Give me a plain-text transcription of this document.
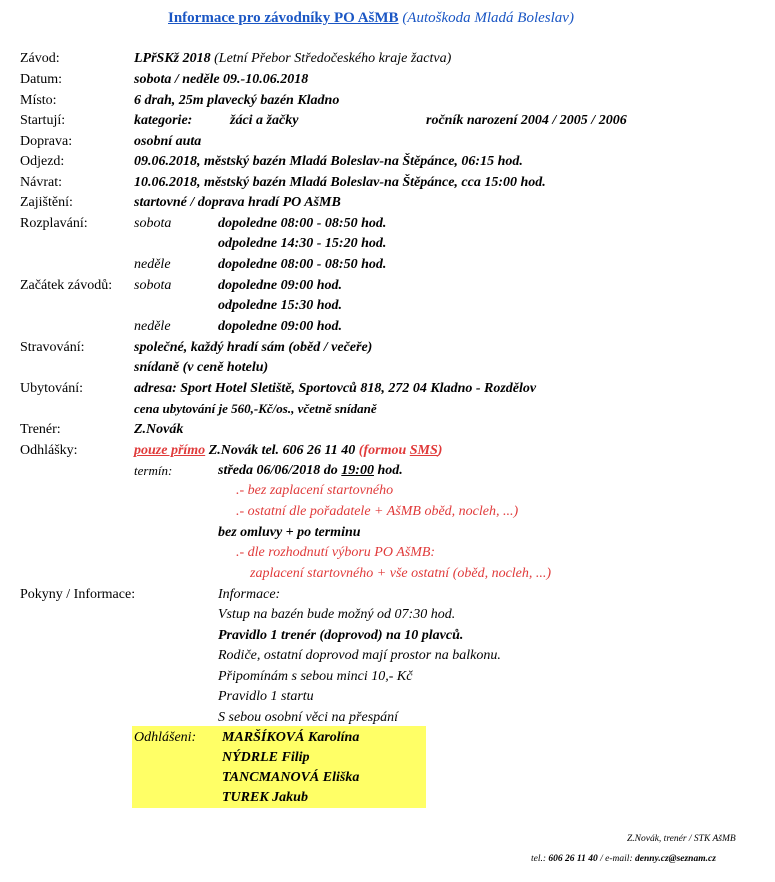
Informace pro závodníky PO AšMB (Autoškoda Mladá Boleslav)
Závod:	LPřSKž 2018 (Letní Přebor Středočeského kraje žactva)
Datum:	sobota / neděle 09.-10.06.2018
Místo:	6 drah, 25m plavecký bazén Kladno
Startují:	kategorie:	žáci a žačky	ročník narození 2004 / 2005 / 2006
Doprava:	osobní auta
Odjezd:	09.06.2018, městský bazén Mladá Boleslav-na Štěpánce, 06:15 hod.
Návrat:	10.06.2018, městský bazén Mladá Boleslav-na Štěpánce, cca 15:00 hod.
Zajištění:	startovné / doprava hradí PO AšMB
Rozplavání:	sobota	dopoledne 08:00 - 08:50 hod.
odpoledne 14:30 - 15:20 hod.
neděle	dopoledne 08:00 - 08:50 hod.
Začátek závodů: sobota	dopoledne 09:00 hod.
odpoledne 15:30 hod.
neděle	dopoledne 09:00 hod.
Stravování:	společné, každý hradí sám (oběd / večeře)
snídaně (v ceně hotelu)
Ubytování:	adresa: Sport Hotel Sletiště, Sportovců 818, 272 04 Kladno - Rozdělov
cena ubytování je 560,-Kč/os., včetně snídaně
Trenér:	Z.Novák
Odhlášky:	pouze přímo Z.Novák tel. 606 26 11 40 (formou SMS)
termín:	středa 06/06/2018 do 19:00 hod.
.- bez zaplacení startovného
.- ostatní dle pořadatele + AšMB oběd, nocleh, ...)
bez omluvy + po terminu
.- dle rozhodnutí výboru PO AšMB:
zaplacení startovného + vše ostatní (oběd, nocleh, ...)
Pokyny / Informace:	Informace:
Vstup na bazén bude možný od 07:30 hod.
Pravidlo 1 trenér (doprovod) na 10 plavců.
Rodiče, ostatní doprovod mají prostor na balkonu.
Připomínám s sebou minci 10,- Kč
Pravidlo 1 startu
S sebou osobní věci na přespání
Odhlášeni: MARŠÍKOVÁ Karolína
NÝDRLE Filip
TANCMANOVÁ Eliška
TUREK Jakub
Z.Novák, trenér / STK AšMB
tel.: 606 26 11 40 / e-mail: denny.cz@seznam.cz
